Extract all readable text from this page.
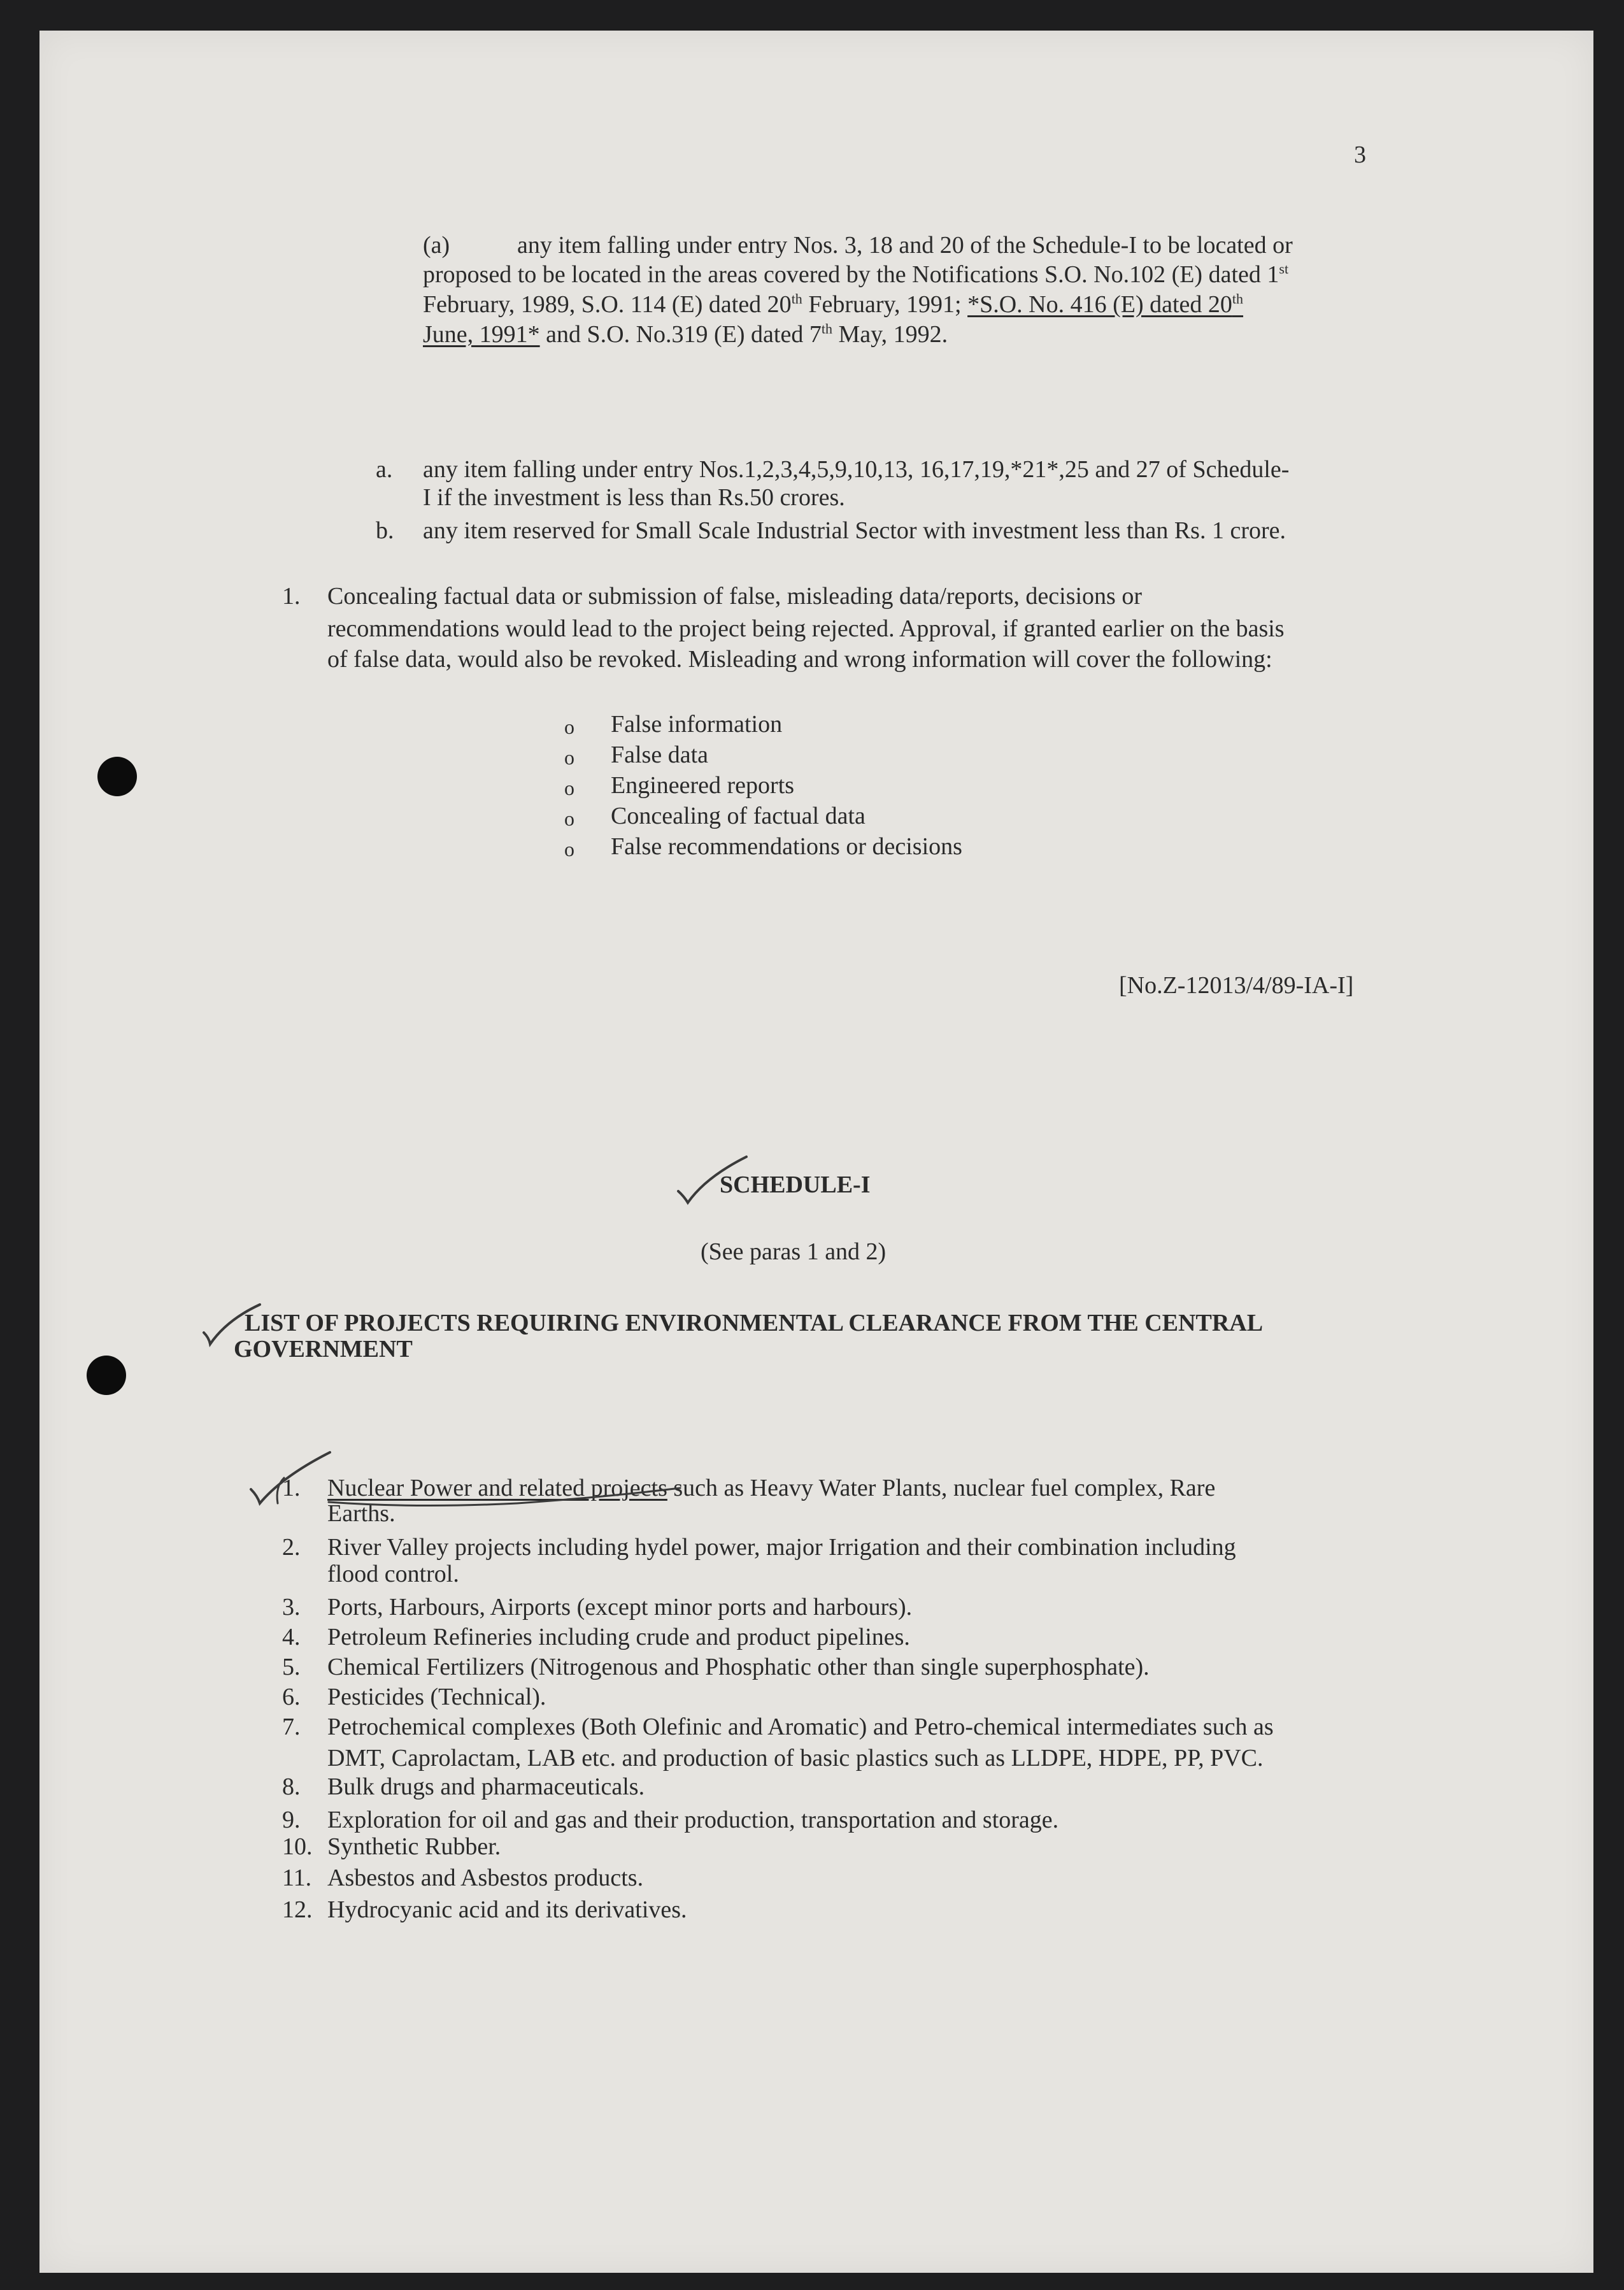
3
(a)	any item falling under entry Nos. 3, 18 and 20 of the Schedule-I to be located or
proposed to be located in the areas covered by the Notifications S.O. No.102 (E) dated 1st
February, 1989, S.O. 114 (E) dated 20th February, 1991; *S.O. No. 416 (E) dated 20th
June, 1991* and S.O. No.319 (E) dated 7th May, 1992.
a. any item falling under entry Nos.1,2,3,4,5,9,10,13, 16,17,19,*21*,25 and 27 of Schedule-
I if the investment is less than Rs.50 crores.
b. any item reserved for Small Scale Industrial Sector with investment less than Rs. 1 crore.
1. Concealing factual data or submission of false, misleading data/reports, decisions or
recommendations would lead to the project being rejected. Approval, if granted earlier on the basis
of false data, would also be revoked. Misleading and wrong information will cover the following:
o False information
o False data
o Engineered reports
o Concealing of factual data
o False recommendations or decisions
[No.Z-12013/4/89-IA-I]
SCHEDULE-I
(See paras 1 and 2)
LIST OF PROJECTS REQUIRING ENVIRONMENTAL CLEARANCE FROM THE CENTRAL
GOVERNMENT
1. Nuclear Power and related projects such as Heavy Water Plants, nuclear fuel complex, Rare
Earths.
2. River Valley projects including hydel power, major Irrigation and their combination including
flood control.
3. Ports, Harbours, Airports (except minor ports and harbours).
4. Petroleum Refineries including crude and product pipelines.
5. Chemical Fertilizers (Nitrogenous and Phosphatic other than single superphosphate).
6. Pesticides (Technical).
7. Petrochemical complexes (Both Olefinic and Aromatic) and Petro-chemical intermediates such as
DMT, Caprolactam, LAB etc. and production of basic plastics such as LLDPE, HDPE, PP, PVC.
8. Bulk drugs and pharmaceuticals.
9. Exploration for oil and gas and their production, transportation and storage.
10. Synthetic Rubber.
11. Asbestos and Asbestos products.
12. Hydrocyanic acid and its derivatives.
